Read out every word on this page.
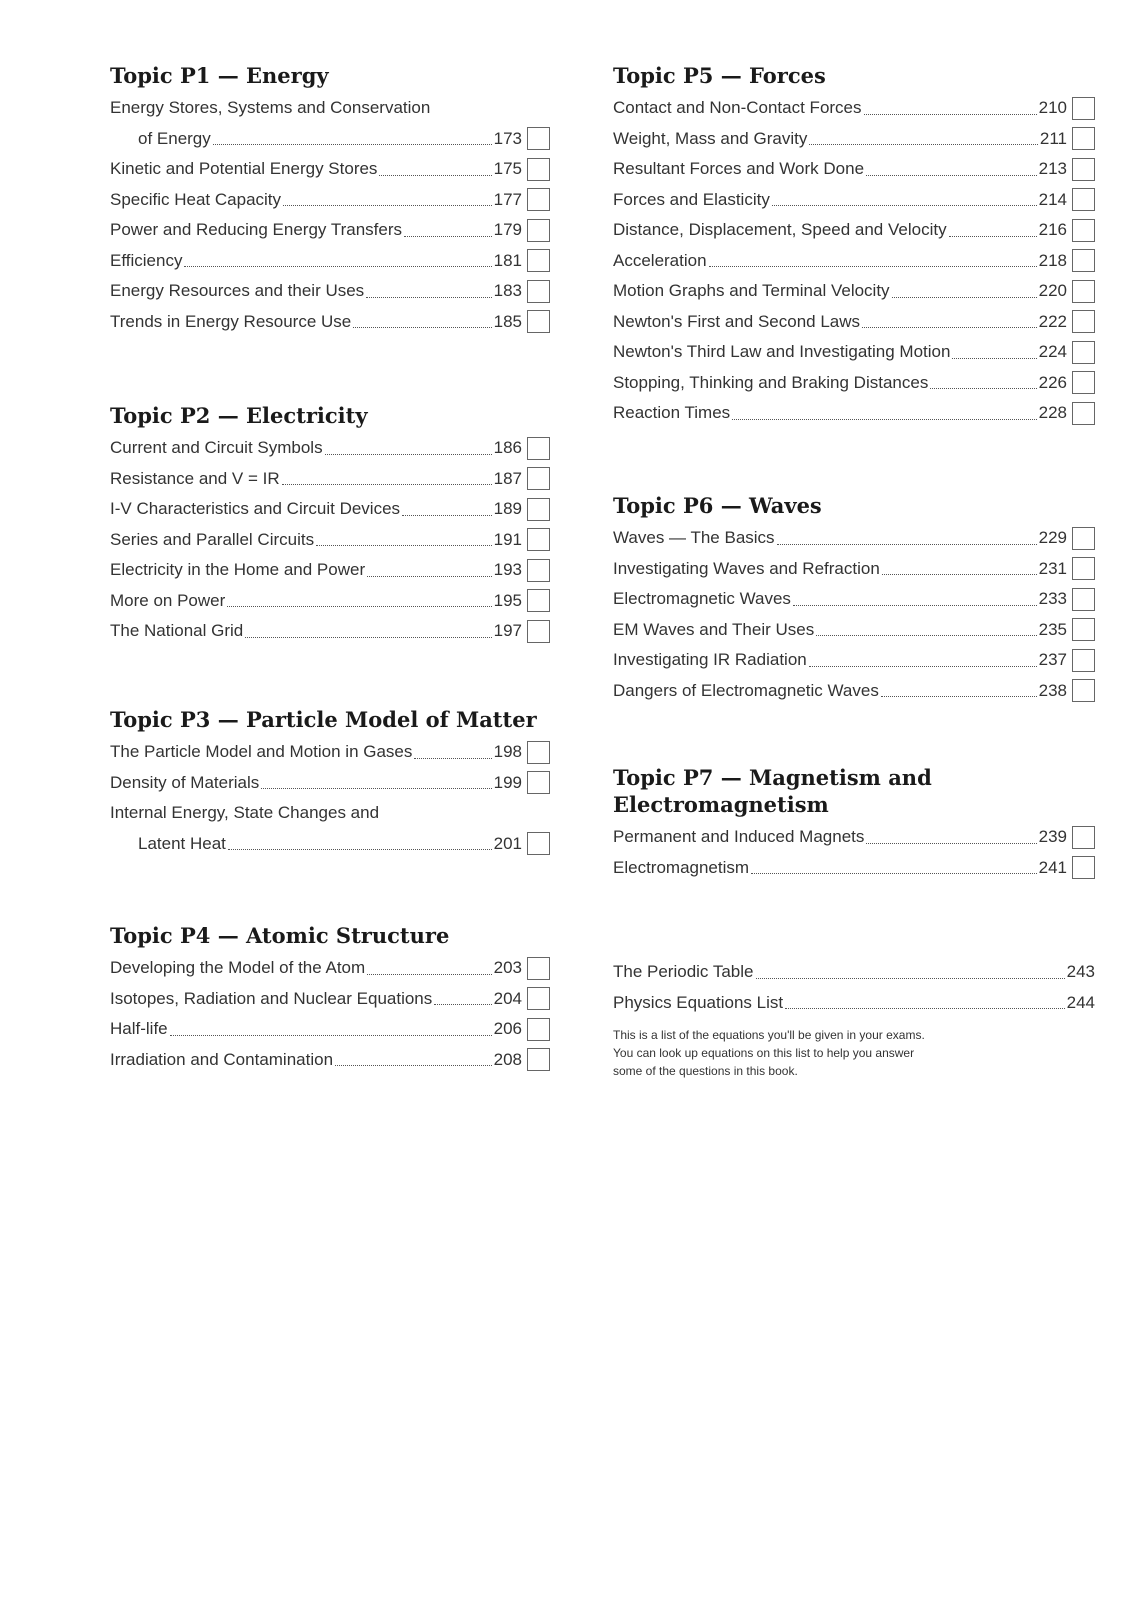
Topic P1 — Energy
Energy Stores, Systems and Conservation
of Energy	173
Kinetic and Potential Energy Stores	175
Specific Heat Capacity	177
Power and Reducing Energy Transfers	179
Efficiency	181
Energy Resources and their Uses	183
Trends in Energy Resource Use	185
Topic P2 — Electricity
Current and Circuit Symbols	186
Resistance and V = IR	187
I-V Characteristics and Circuit Devices	189
Series and Parallel Circuits	191
Electricity in the Home and Power	193
More on Power	195
The National Grid	197
Topic P3 — Particle Model of Matter
The Particle Model and Motion in Gases	198
Density of Materials	199
Internal Energy, State Changes and
Latent Heat	201
Topic P4 — Atomic Structure
Developing the Model of the Atom	203
Isotopes, Radiation and Nuclear Equations	204
Half-life	206
Irradiation and Contamination	208
Topic P5 — Forces
Contact and Non-Contact Forces	210
Weight, Mass and Gravity	211
Resultant Forces and Work Done	213
Forces and Elasticity	214
Distance, Displacement, Speed and Velocity	216
Acceleration	218
Motion Graphs and Terminal Velocity	220
Newton's First and Second Laws	222
Newton's Third Law and Investigating Motion	224
Stopping, Thinking and Braking Distances	226
Reaction Times	228
Topic P6 — Waves
Waves — The Basics	229
Investigating Waves and Refraction	231
Electromagnetic Waves	233
EM Waves and Their Uses	235
Investigating IR Radiation	237
Dangers of Electromagnetic Waves	238
Topic P7 — Magnetism and
Electromagnetism
Permanent and Induced Magnets	239
Electromagnetism	241
The Periodic Table	243
Physics Equations List	244
This is a list of the equations you'll be given in your exams.
You can look up equations on this list to help you answer
some of the questions in this book.
